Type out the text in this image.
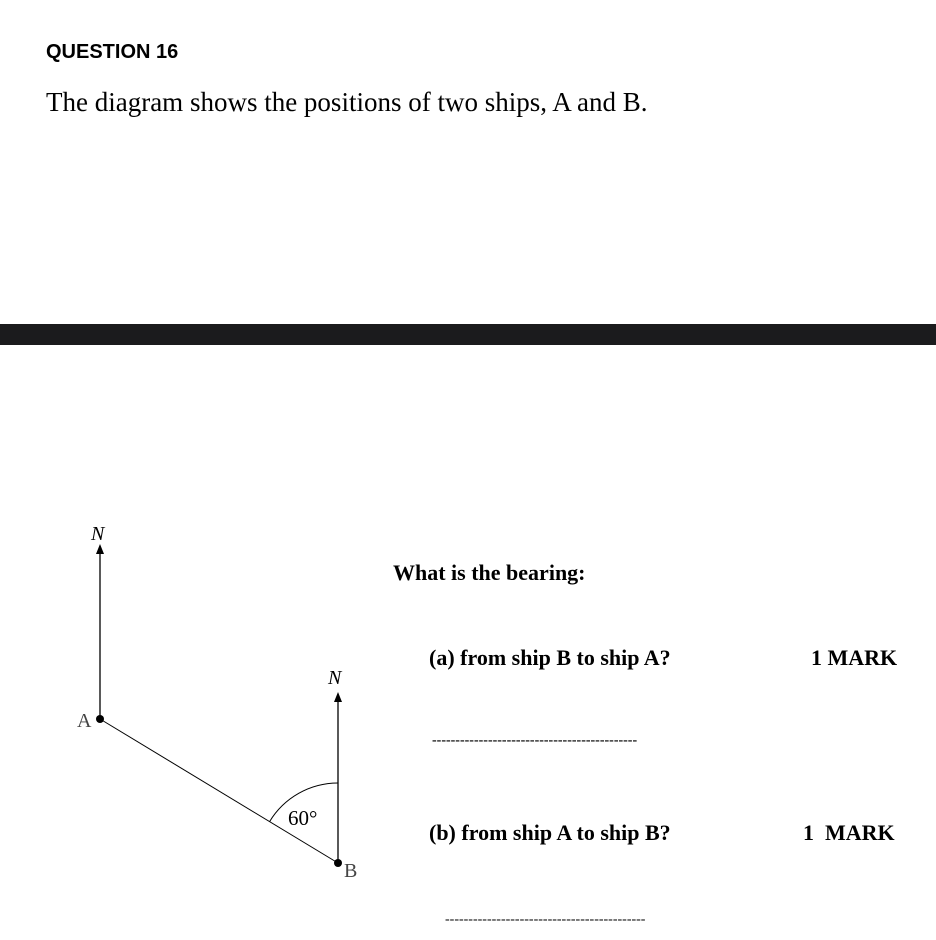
QUESTION 16
The diagram shows the positions of two ships, A and B.
N
N
60°
A
B
What is the bearing:
(a) from ship B to ship A?	1 MARK
--------------------------------------------
(b) from ship A to ship B?	1  MARK
-------------------------------------------
